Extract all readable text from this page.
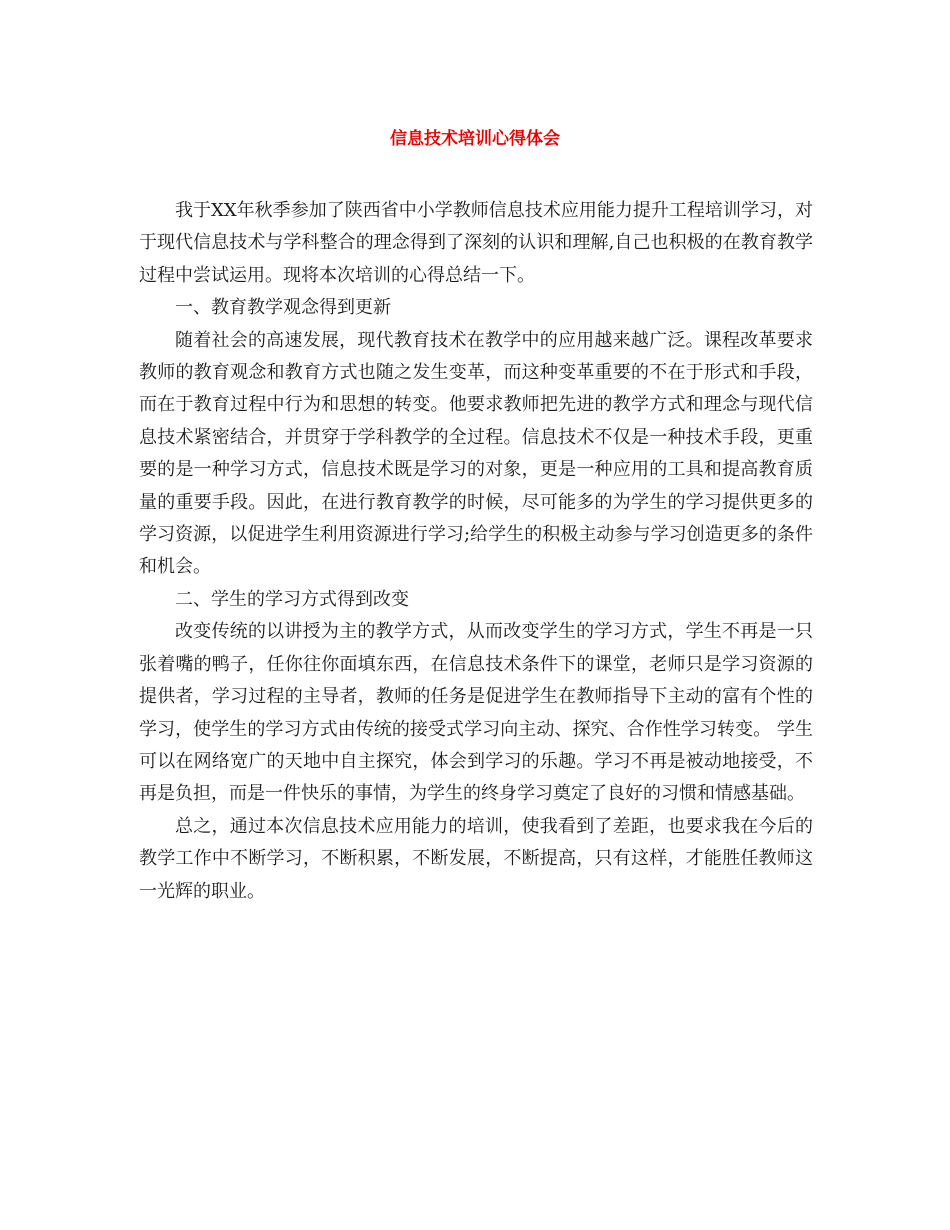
信息技术培训心得体会

我于XX年秋季参加了陕西省中小学教师信息技术应用能力提升工程培训学习，对于现代信息技术与学科整合的理念得到了深刻的认识和理解,自己也积极的在教育教学过程中尝试运用。现将本次培训的心得总结一下。

一、教育教学观念得到更新

随着社会的高速发展，现代教育技术在教学中的应用越来越广泛。课程改革要求教师的教育观念和教育方式也随之发生变革，而这种变革重要的不在于形式和手段，而在于教育过程中行为和思想的转变。他要求教师把先进的教学方式和理念与现代信息技术紧密结合，并贯穿于学科教学的全过程。信息技术不仅是一种技术手段，更重要的是一种学习方式，信息技术既是学习的对象，更是一种应用的工具和提高教育质量的重要手段。因此，在进行教育教学的时候，尽可能多的为学生的学习提供更多的学习资源，以促进学生利用资源进行学习;给学生的积极主动参与学习创造更多的条件和机会。

二、学生的学习方式得到改变

改变传统的以讲授为主的教学方式，从而改变学生的学习方式，学生不再是一只张着嘴的鸭子，任你往你面填东西，在信息技术条件下的课堂，老师只是学习资源的提供者，学习过程的主导者，教师的任务是促进学生在教师指导下主动的富有个性的学习，使学生的学习方式由传统的接受式学习向主动、探究、合作性学习转变。 学生可以在网络宽广的天地中自主探究，体会到学习的乐趣。学习不再是被动地接受，不再是负担，而是一件快乐的事情，为学生的终身学习奠定了良好的习惯和情感基础。

总之，通过本次信息技术应用能力的培训，使我看到了差距，也要求我在今后的教学工作中不断学习，不断积累，不断发展，不断提高，只有这样，才能胜任教师这一光辉的职业。
